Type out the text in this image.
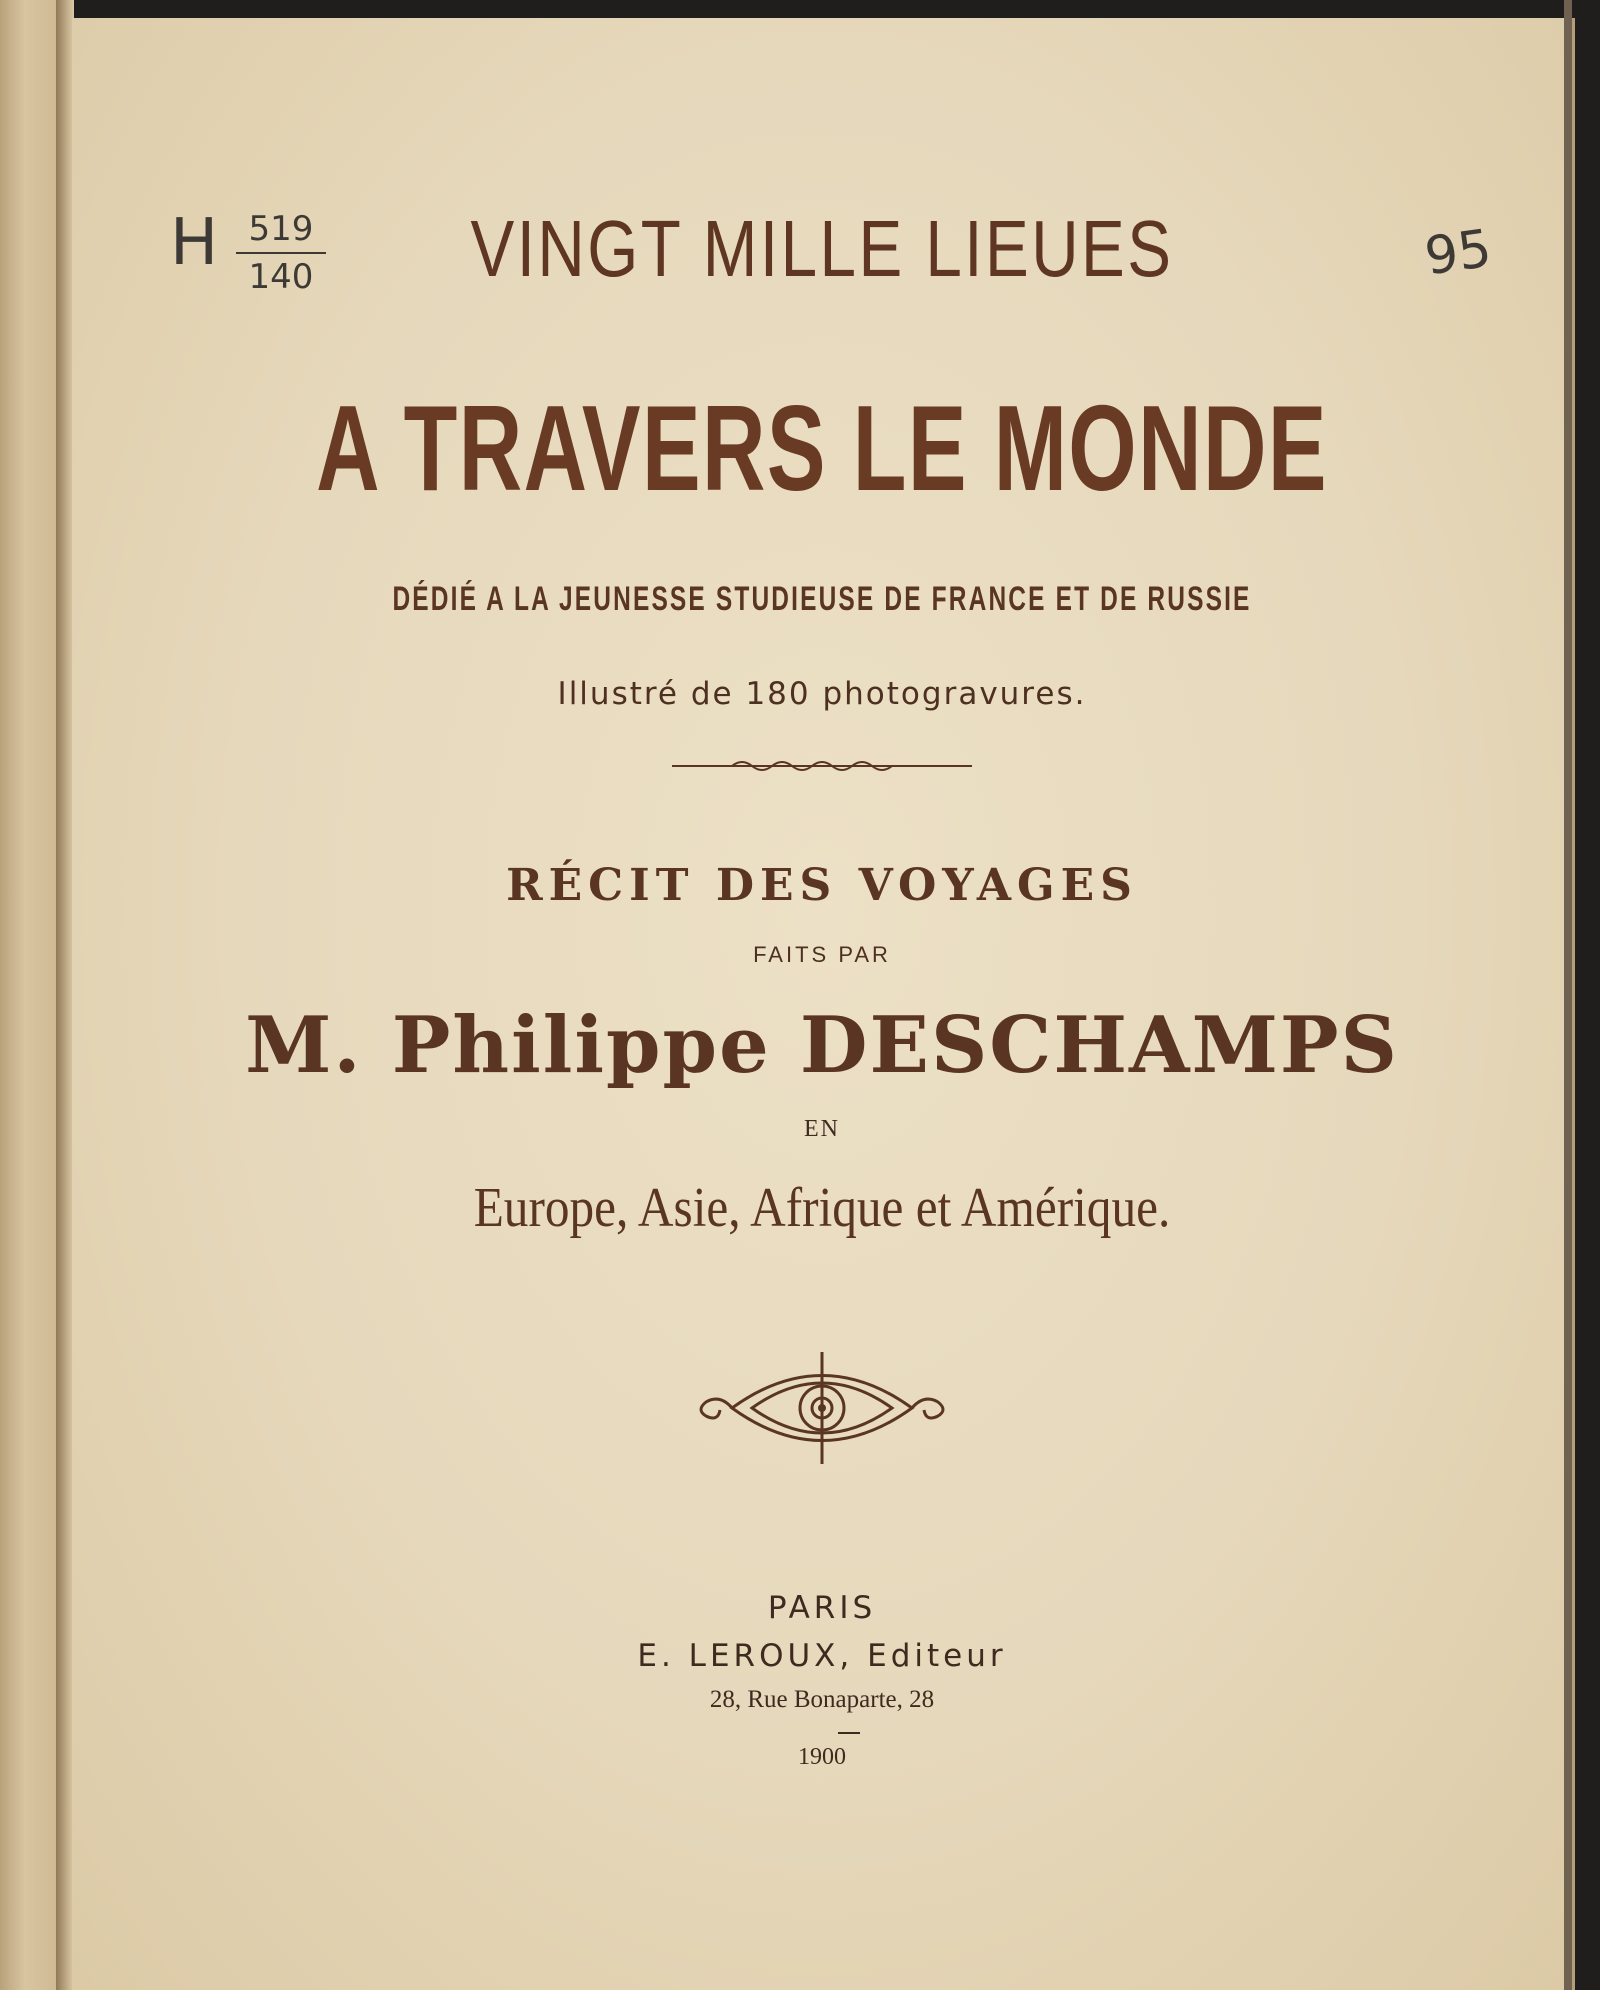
H 519
140	95
VINGT MILLE LIEUES
A TRAVERS LE MONDE
DÉDIÉ A LA JEUNESSE STUDIEUSE DE FRANCE ET DE RUSSIE
Illustré de 180 photogravures.
RÉCIT DES VOYAGES
FAITS PAR
M. Philippe DESCHAMPS
EN
Europe, Asie, Afrique et Amérique.
PARIS
E. LEROUX, Editeur
28, Rue Bonaparte, 28
1900
